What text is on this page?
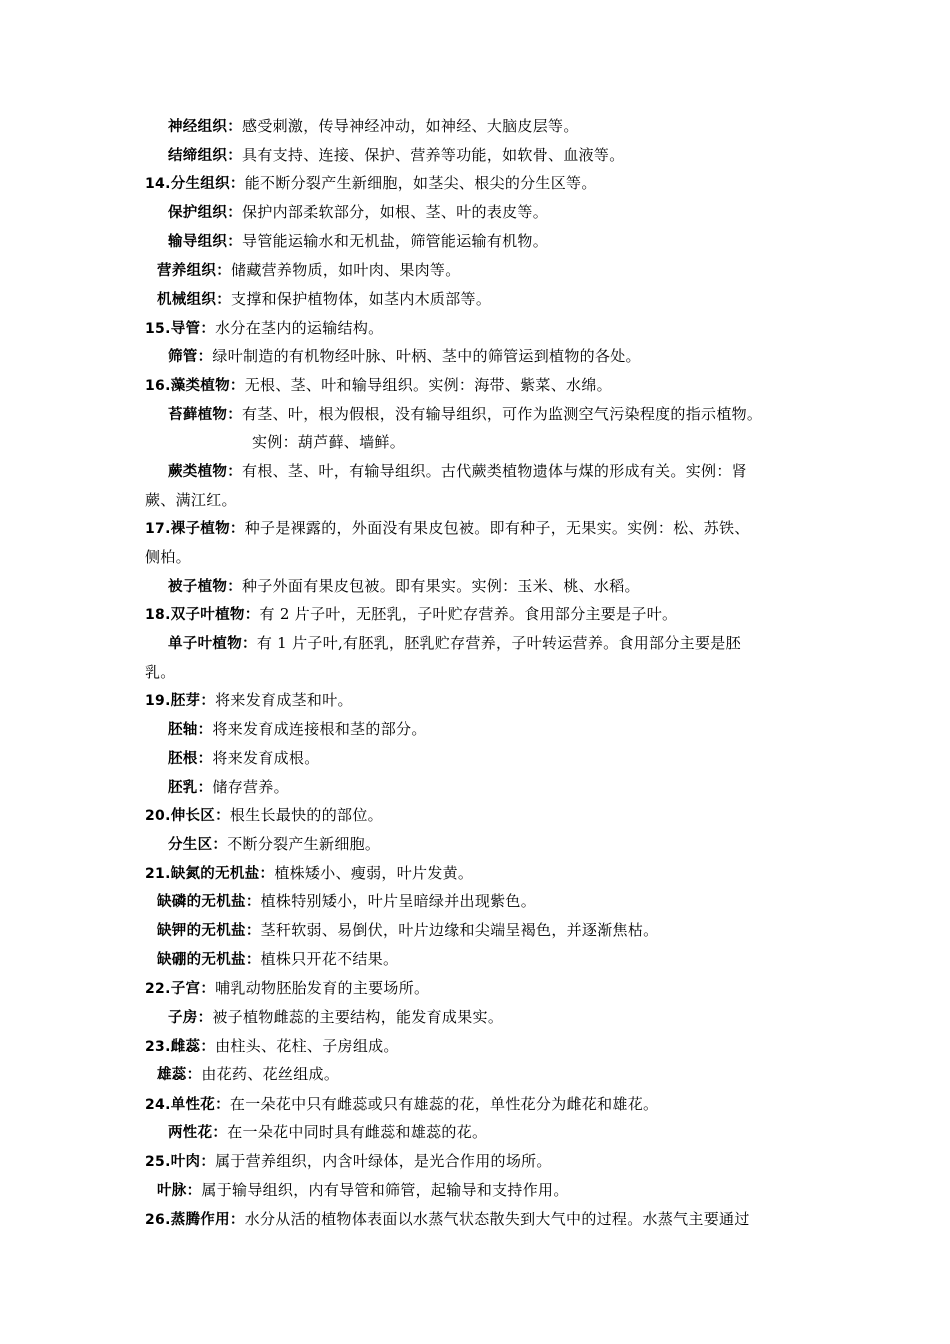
神经组织：感受刺激，传导神经冲动，如神经、大脑皮层等。
结缔组织：具有支持、连接、保护、营养等功能，如软骨、血液等。
14.分生组织：能不断分裂产生新细胞，如茎尖、根尖的分生区等。
保护组织：保护内部柔软部分，如根、茎、叶的表皮等。
输导组织：导管能运输水和无机盐，筛管能运输有机物。
营养组织：储藏营养物质，如叶肉、果肉等。
机械组织：支撑和保护植物体，如茎内木质部等。
15.导管：水分在茎内的运输结构。
筛管：绿叶制造的有机物经叶脉、叶柄、茎中的筛管运到植物的各处。
16.藻类植物：无根、茎、叶和输导组织。实例：海带、紫菜、水绵。
苔藓植物：有茎、叶，根为假根，没有输导组织，可作为监测空气污染程度的指示植物。
实例：葫芦藓、墙鲜。
蕨类植物：有根、茎、叶，有输导组织。古代蕨类植物遗体与煤的形成有关。实例：肾
蕨、满江红。
17.裸子植物：种子是裸露的，外面没有果皮包被。即有种子，无果实。实例：松、苏铁、
侧柏。
被子植物：种子外面有果皮包被。即有果实。实例：玉米、桃、水稻。
18.双子叶植物：有 2 片子叶，无胚乳，子叶贮存营养。食用部分主要是子叶。
单子叶植物：有 1 片子叶,有胚乳，胚乳贮存营养，子叶转运营养。食用部分主要是胚
乳。
19.胚芽：将来发育成茎和叶。
胚轴：将来发育成连接根和茎的部分。
胚根：将来发育成根。
胚乳：储存营养。
20.伸长区：根生长最快的的部位。
分生区：不断分裂产生新细胞。
21.缺氮的无机盐：植株矮小、瘦弱，叶片发黄。
缺磷的无机盐：植株特别矮小，叶片呈暗绿并出现紫色。
缺钾的无机盐：茎秆软弱、易倒伏，叶片边缘和尖端呈褐色，并逐渐焦枯。
缺硼的无机盐：植株只开花不结果。
22.子宫：哺乳动物胚胎发育的主要场所。
子房：被子植物雌蕊的主要结构，能发育成果实。
23.雌蕊：由柱头、花柱、子房组成。
雄蕊：由花药、花丝组成。
24.单性花：在一朵花中只有雌蕊或只有雄蕊的花，单性花分为雌花和雄花。
两性花：在一朵花中同时具有雌蕊和雄蕊的花。
25.叶肉：属于营养组织，内含叶绿体，是光合作用的场所。
叶脉：属于输导组织，内有导管和筛管，起输导和支持作用。
26.蒸腾作用：水分从活的植物体表面以水蒸气状态散失到大气中的过程。水蒸气主要通过
